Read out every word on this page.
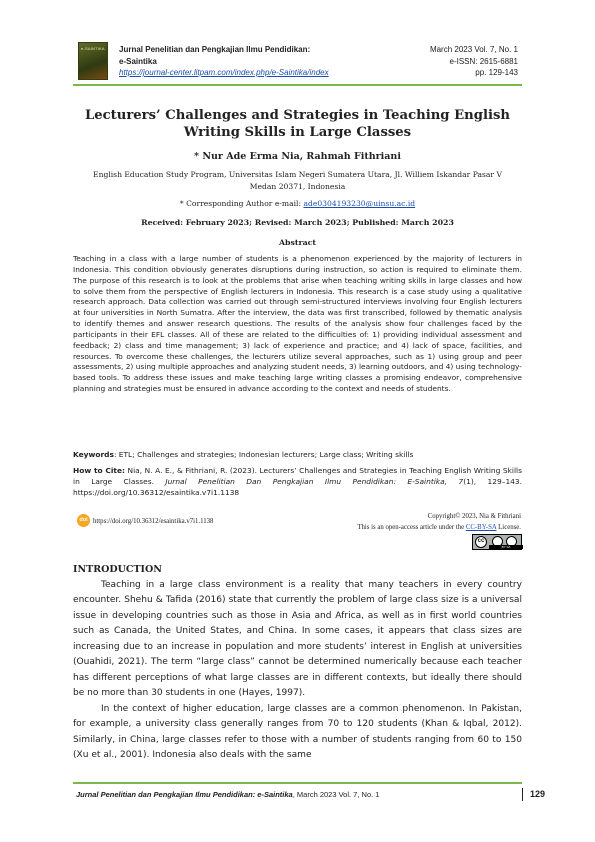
e-SAINTIKA Jurnal Penelitian dan Pengkajian Ilmu Pendidikan:
e-Saintika
https://journal-center.litpam.com/index.php/e-Saintika/index
March 2023 Vol. 7, No. 1
e-ISSN: 2615-6881
pp. 129-143
Lecturers’ Challenges and Strategies in Teaching English Writing Skills in Large Classes
* Nur Ade Erma Nia, Rahmah Fithriani
English Education Study Program, Universitas Islam Negeri Sumatera Utara, Jl. Williem Iskandar Pasar V Medan 20371, Indonesia
* Corresponding Author e-mail: ade0304193230@uinsu.ac.id
Received: February 2023; Revised: March 2023; Published: March 2023
Abstract
Teaching in a class with a large number of students is a phenomenon experienced by the majority of lecturers in Indonesia. This condition obviously generates disruptions during instruction, so action is required to eliminate them. The purpose of this research is to look at the problems that arise when teaching writing skills in large classes and how to solve them from the perspective of English lecturers in Indonesia. This research is a case study using a qualitative research approach. Data collection was carried out through semi-structured interviews involving four English lecturers at four universities in North Sumatra. After the interview, the data was first transcribed, followed by thematic analysis to identify themes and answer research questions. The results of the analysis show four challenges faced by the participants in their EFL classes. All of these are related to the difficulties of: 1) providing individual assessment and feedback; 2) class and time management; 3) lack of experience and practice; and 4) lack of space, facilities, and resources. To overcome these challenges, the lecturers utilize several approaches, such as 1) using group and peer assessments, 2) using multiple approaches and analyzing student needs, 3) learning outdoors, and 4) using technology-based tools. To address these issues and make teaching large writing classes a promising endeavor, comprehensive planning and strategies must be ensured in advance according to the context and needs of students.
Keywords: ETL; Challenges and strategies; Indonesian lecturers; Large class; Writing skills
How to Cite: Nia, N. A. E., & Fithriani, R. (2023). Lecturers’ Challenges and Strategies in Teaching English Writing Skills in Large Classes. Jurnal Penelitian Dan Pengkajian Ilmu Pendidikan: E-Saintika, 7(1), 129–143. https://doi.org/10.36312/esaintika.v7i1.1138
doi https://doi.org/10.36312/esaintika.v7i1.1138
Copyright© 2023, Nia & Fithriani
This is an open-access article under the CC-BY-SA License.
cc
BY SA
INTRODUCTION

Teaching in a large class environment is a reality that many teachers in every country encounter. Shehu & Tafida (2016) state that currently the problem of large class size is a universal issue in developing countries such as those in Asia and Africa, as well as in first world countries such as Canada, the United States, and China. In some cases, it appears that class sizes are increasing due to an increase in population and more students’ interest in English at universities (Ouahidi, 2021). The term “large class” cannot be determined numerically because each teacher has different perceptions of what large classes are in different contexts, but ideally there should be no more than 30 students in one (Hayes, 1997).

In the context of higher education, large classes are a common phenomenon. In Pakistan, for example, a university class generally ranges from 70 to 120 students (Khan & Iqbal, 2012). Similarly, in China, large classes refer to those with a number of students ranging from 60 to 150 (Xu et al., 2001). Indonesia also deals with the same

Jurnal Penelitian dan Pengkajian Ilmu Pendidikan: e-Saintika, March 2023 Vol. 7, No. 1	129
